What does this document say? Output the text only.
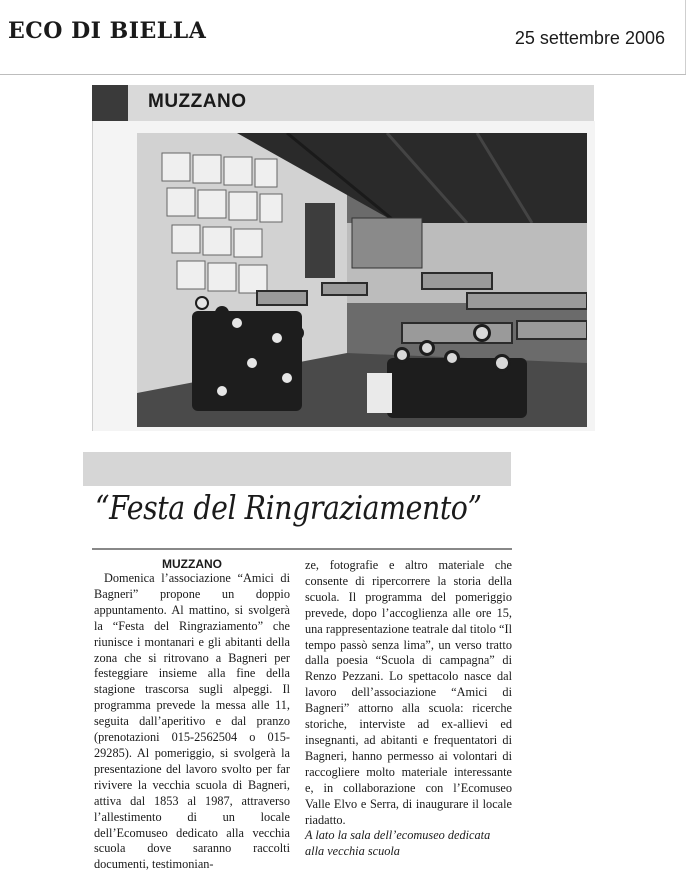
ECO DI BIELLA	25 settembre 2006
MUZZANO
“Festa del Ringraziamento”
MUZZANO
Domenica l’associazione “Amici di Bagneri” propone un doppio appuntamento. Al mattino, si svolgerà la “Festa del Ringraziamento” che riunisce i montanari e gli abitanti della zona che si ritrovano a Bagneri per festeggiare insieme alla fine della stagione trascorsa sugli alpeggi. Il programma prevede la messa alle 11, seguita dall’aperitivo e dal pranzo (prenotazioni 015-2562504 o 015-29285). Al pomeriggio, si svolgerà la presentazione del lavoro svolto per far rivivere la vecchia scuola di Bagneri, attiva dal 1853 al 1987, attraverso l’allestimento di un locale dell’Ecomuseo dedicato alla vecchia scuola dove saranno raccolti documenti, testimonian-
ze, fotografie e altro materiale che consente di ripercorrere la storia della scuola. Il programma del pomeriggio prevede, dopo l’accoglienza alle ore 15, una rappresentazione teatrale dal titolo “Il tempo passò senza lima”, un verso tratto dalla poesia “Scuola di campagna” di Renzo Pezzani. Lo spettacolo nasce dal lavoro dell’associazione “Amici di Bagneri” attorno alla scuola: ricerche storiche, interviste ad ex-allievi ed insegnanti, ad abitanti e frequentatori di Bagneri, hanno permesso ai volontari di raccogliere molto materiale interessante e, in collaborazione con l’Ecomuseo Valle Elvo e Serra, di inaugurare il locale riadatto.
A lato la sala dell’ecomuseo dedicata alla vecchia scuola
